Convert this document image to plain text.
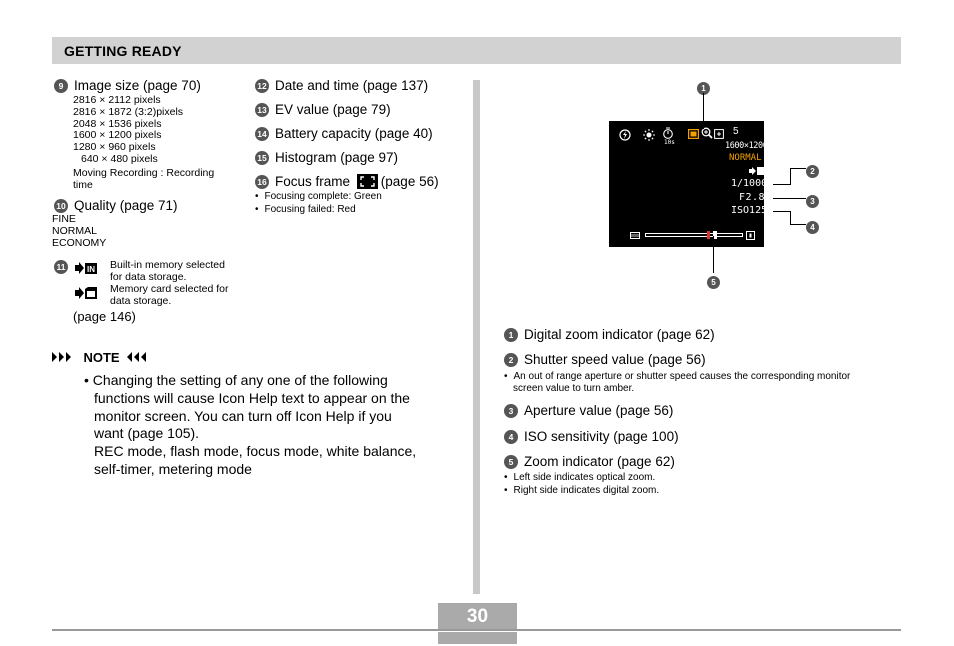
GETTING READY
9 Image size (page 70)
2816 × 2112 pixels
2816 × 1872 (3:2)pixels
2048 × 1536 pixels
1600 × 1200 pixels
1280 × 960 pixels
640 × 480 pixels
Moving Recording : Recording
time
10 Quality (page 71)
FINE
NORMAL
ECONOMY
11	IN Built-in memory selected
for data storage.
Memory card selected for
data storage.
(page 146)
NOTE
• Changing the setting of any one of the following
functions will cause Icon Help text to appear on the
monitor screen. You can turn off Icon Help if you
want (page 105).
REC mode, flash mode, focus mode, white balance,
self-timer, metering mode
12 Date and time (page 137)
13 EV value (page 79)
14 Battery capacity (page 40)
15 Histogram (page 97)
16 Focus frame (page 56)
• Focusing complete: Green
• Focusing failed: Red
10s
5
1600×1200
NORMAL
1/1000
F2.8
ISO125
1
2
3
4
5
1 Digital zoom indicator (page 62)
2 Shutter speed value (page 56)
• An out of range aperture or shutter speed causes the corresponding monitor
screen value to turn amber.
3 Aperture value (page 56)
4 ISO sensitivity (page 100)
5 Zoom indicator (page 62)
• Left side indicates optical zoom.
• Right side indicates digital zoom.
30
